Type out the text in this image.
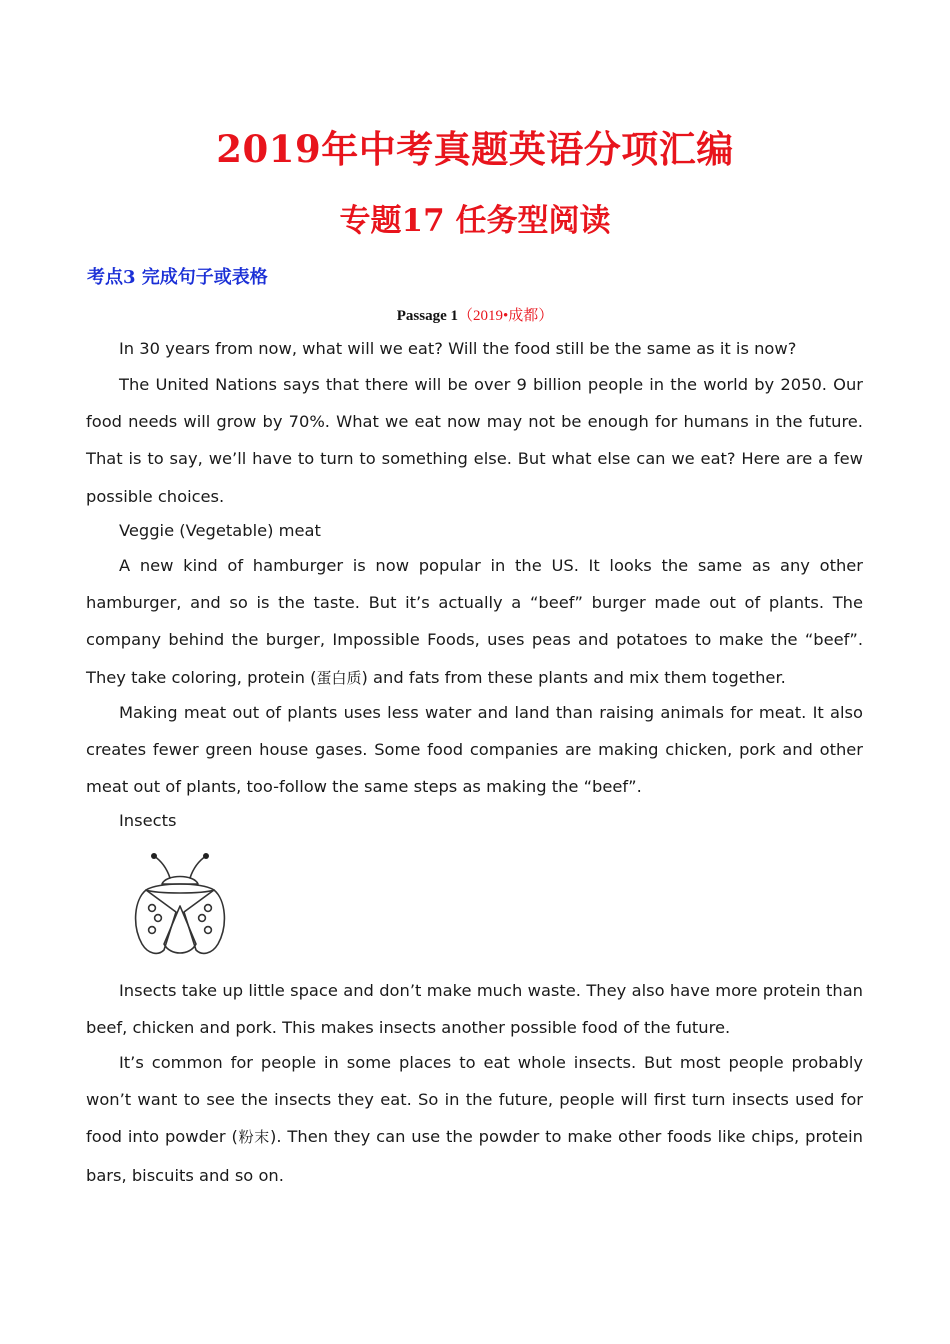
2019年中考真题英语分项汇编
专题17 任务型阅读
考点3 完成句子或表格
Passage 1（2019•成都）

In 30 years from now, what will we eat? Will the food still be the same as it is now?

The United Nations says that there will be over 9 billion people in the world by 2050. Our food needs will grow by 70%. What we eat now may not be enough for humans in the future. That is to say, we’ll have to turn to something else. But what else can we eat? Here are a few possible choices.

Veggie (Vegetable) meat

A new kind of hamburger is now popular in the US. It looks the same as any other hamburger, and so is the taste. But it’s actually a “beef” burger made out of plants. The company behind the burger, Impossible Foods, uses peas and potatoes to make the “beef”. They take coloring, protein (蛋白质) and fats from these plants and mix them together.

Making meat out of plants uses less water and land than raising animals for meat. It also creates fewer green house gases. Some food companies are making chicken, pork and other meat out of plants, too-follow the same steps as making the “beef”.

Insects

Insects take up little space and don’t make much waste. They also have more protein than beef, chicken and pork. This makes insects another possible food of the future.

It’s common for people in some places to eat whole insects. But most people probably won’t want to see the insects they eat. So in the future, people will first turn insects used for food into powder (粉末). Then they can use the powder to make other foods like chips, protein bars, biscuits and so on.
